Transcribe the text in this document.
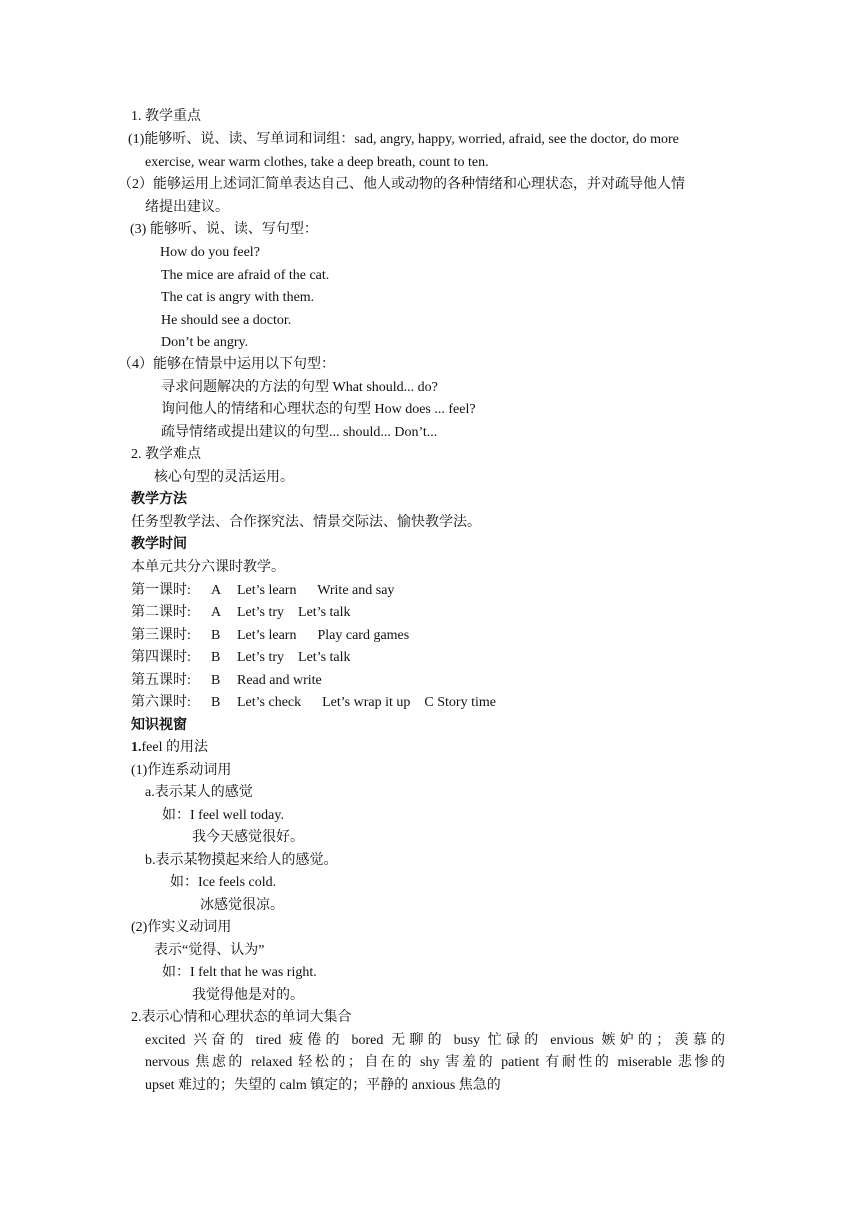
1. 教学重点
(1)能够听、说、读、写单词和词组：sad, angry, happy, worried, afraid, see the doctor, do more
exercise, wear warm clothes, take a deep breath, count to ten.
（2）能够运用上述词汇简单表达自己、他人或动物的各种情绪和心理状态，并对疏导他人情
绪提出建议。
(3) 能够听、说、读、写句型：
How do you feel?
The mice are afraid of the cat.
The cat is angry with them.
He should see a doctor.
Don’t be angry.
（4）能够在情景中运用以下句型：
寻求问题解决的方法的句型 What should... do?
询问他人的情绪和心理状态的句型 How does ... feel?
疏导情绪或提出建议的句型... should... Don’t...
2. 教学难点
核心句型的灵活运用。
教学方法
任务型教学法、合作探究法、情景交际法、愉快教学法。
教学时间
本单元共分六课时教学。
第一课时: A Let’s learn      Write and say
第二课时: A Let’s try    Let’s talk
第三课时: B Let’s learn      Play card games
第四课时: B Let’s try    Let’s talk
第五课时: B Read and write
第六课时: B Let’s check      Let’s wrap it up    C Story time
知识视窗
1.feel 的用法
(1)作连系动词用
a.表示某人的感觉
如：I feel well today.
我今天感觉很好。
b.表示某物摸起来给人的感觉。
如：Ice feels cold.
冰感觉很凉。
(2)作实义动词用
表示“觉得、认为”
如：I felt that he was right.
我觉得他是对的。
2.表示心情和心理状态的单词大集合
excited 兴奋的 tired 疲倦的 bored 无聊的 busy 忙碌的 envious 嫉妒的；羡慕的
nervous 焦虑的 relaxed 轻松的；自在的 shy 害羞的 patient 有耐性的 miserable 悲惨的
upset 难过的；失望的 calm 镇定的；平静的 anxious 焦急的
